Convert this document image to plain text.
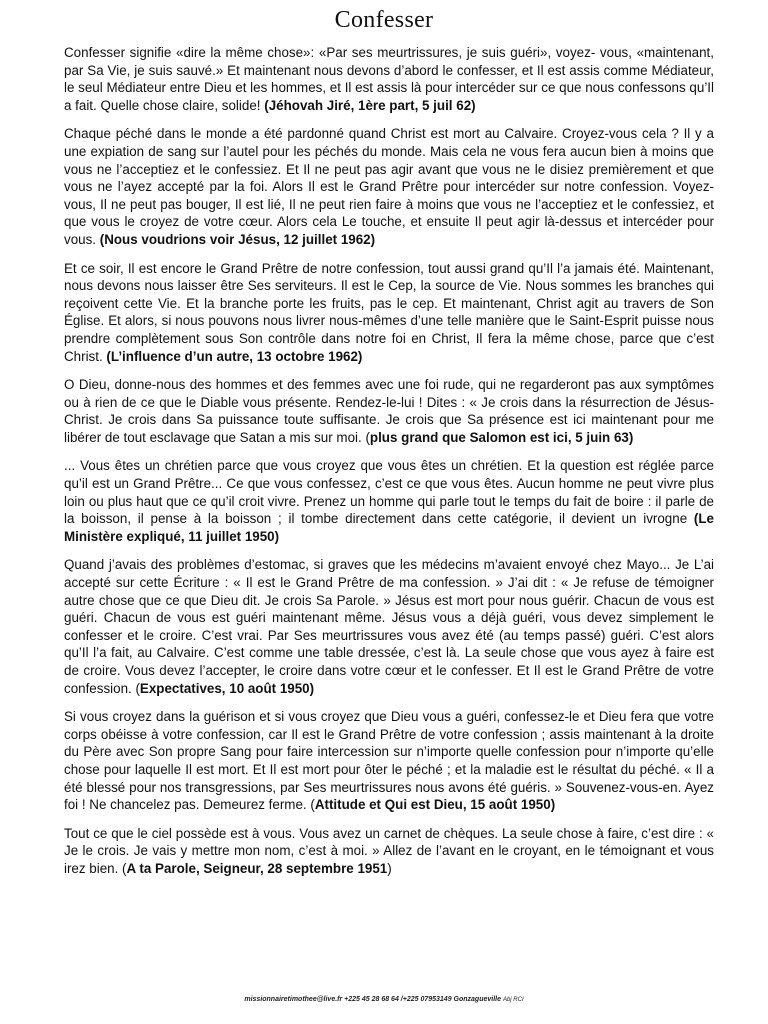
Confesser

Confesser signifie «dire la même chose»: «Par ses meurtrissures, je suis guéri», voyez- vous, «maintenant, par Sa Vie, je suis sauvé.» Et maintenant nous devons d’abord le confesser, et Il est assis comme Médiateur, le seul Médiateur entre Dieu et les hommes, et Il est assis là pour intercéder sur ce que nous confessons qu’Il a fait. Quelle chose claire, solide! (Jéhovah Jiré, 1ère part, 5 juil 62)

Chaque péché dans le monde a été pardonné quand Christ est mort au Calvaire. Croyez-vous cela ? Il y a une expiation de sang sur l’autel pour les péchés du monde. Mais cela ne vous fera aucun bien à moins que vous ne l’acceptiez et le confessiez. Et Il ne peut pas agir avant que vous ne le disiez premièrement et que vous ne l’ayez accepté par la foi. Alors Il est le Grand Prêtre pour intercéder sur notre confession. Voyez-vous, Il ne peut pas bouger, Il est lié, Il ne peut rien faire à moins que vous ne l’acceptiez et le confessiez, et que vous le croyez de votre cœur. Alors cela Le touche, et ensuite Il peut agir là-dessus et intercéder pour vous. (Nous voudrions voir Jésus, 12 juillet 1962)

Et ce soir, Il est encore le Grand Prêtre de notre confession, tout aussi grand qu’Il l’a jamais été. Maintenant, nous devons nous laisser être Ses serviteurs. Il est le Cep, la source de Vie. Nous sommes les branches qui reçoivent cette Vie. Et la branche porte les fruits, pas le cep. Et maintenant, Christ agit au travers de Son Église. Et alors, si nous pouvons nous livrer nous-mêmes d’une telle manière que le Saint-Esprit puisse nous prendre complètement sous Son contrôle dans notre foi en Christ, Il fera la même chose, parce que c’est Christ. (L’influence d’un autre, 13 octobre 1962)

O Dieu, donne-nous des hommes et des femmes avec une foi rude, qui ne regarderont pas aux symptômes ou à rien de ce que le Diable vous présente. Rendez-le-lui ! Dites : « Je crois dans la résurrection de Jésus-Christ. Je crois dans Sa puissance toute suffisante. Je crois que Sa présence est ici maintenant pour me libérer de tout esclavage que Satan a mis sur moi. (plus grand que Salomon est ici, 5 juin 63)

... Vous êtes un chrétien parce que vous croyez que vous êtes un chrétien. Et la question est réglée parce qu’il est un Grand Prêtre... Ce que vous confessez, c’est ce que vous êtes. Aucun homme ne peut vivre plus loin ou plus haut que ce qu’il croit vivre. Prenez un homme qui parle tout le temps du fait de boire : il parle de la boisson, il pense à la boisson ; il tombe directement dans cette catégorie, il devient un ivrogne (Le Ministère expliqué, 11 juillet 1950)

Quand j’avais des problèmes d’estomac, si graves que les médecins m’avaient envoyé chez Mayo... Je L’ai accepté sur cette Écriture : « Il est le Grand Prêtre de ma confession. » J’ai dit : « Je refuse de témoigner autre chose que ce que Dieu dit. Je crois Sa Parole. » Jésus est mort pour nous guérir. Chacun de vous est guéri. Chacun de vous est guéri maintenant même. Jésus vous a déjà guéri, vous devez simplement le confesser et le croire. C’est vrai. Par Ses meurtrissures vous avez été (au temps passé) guéri. C’est alors qu’Il l’a fait, au Calvaire. C’est comme une table dressée, c’est là. La seule chose que vous ayez à faire est de croire. Vous devez l’accepter, le croire dans votre cœur et le confesser. Et Il est le Grand Prêtre de votre confession. (Expectatives, 10 août 1950)

Si vous croyez dans la guérison et si vous croyez que Dieu vous a guéri, confessez-le et Dieu fera que votre corps obéisse à votre confession, car Il est le Grand Prêtre de votre confession ; assis maintenant à la droite du Père avec Son propre Sang pour faire intercession sur n’importe quelle confession pour n’importe qu’elle chose pour laquelle Il est mort. Et Il est mort pour ôter le péché ; et la maladie est le résultat du péché. « Il a été blessé pour nos transgressions, par Ses meurtrissures nous avons été guéris. » Souvenez-vous-en. Ayez foi ! Ne chancelez pas. Demeurez ferme. (Attitude et Qui est Dieu, 15 août 1950)

Tout ce que le ciel possède est à vous. Vous avez un carnet de chèques. La seule chose à faire, c’est dire : « Je le crois. Je vais y mettre mon nom, c’est à moi. » Allez de l’avant en le croyant, en le témoignant et vous irez bien. (A ta Parole, Seigneur, 28 septembre 1951)

missionnairetimothee@live.fr +225 45 28 68 64 /+225 07953149 Gonzagueville Abj RCI
